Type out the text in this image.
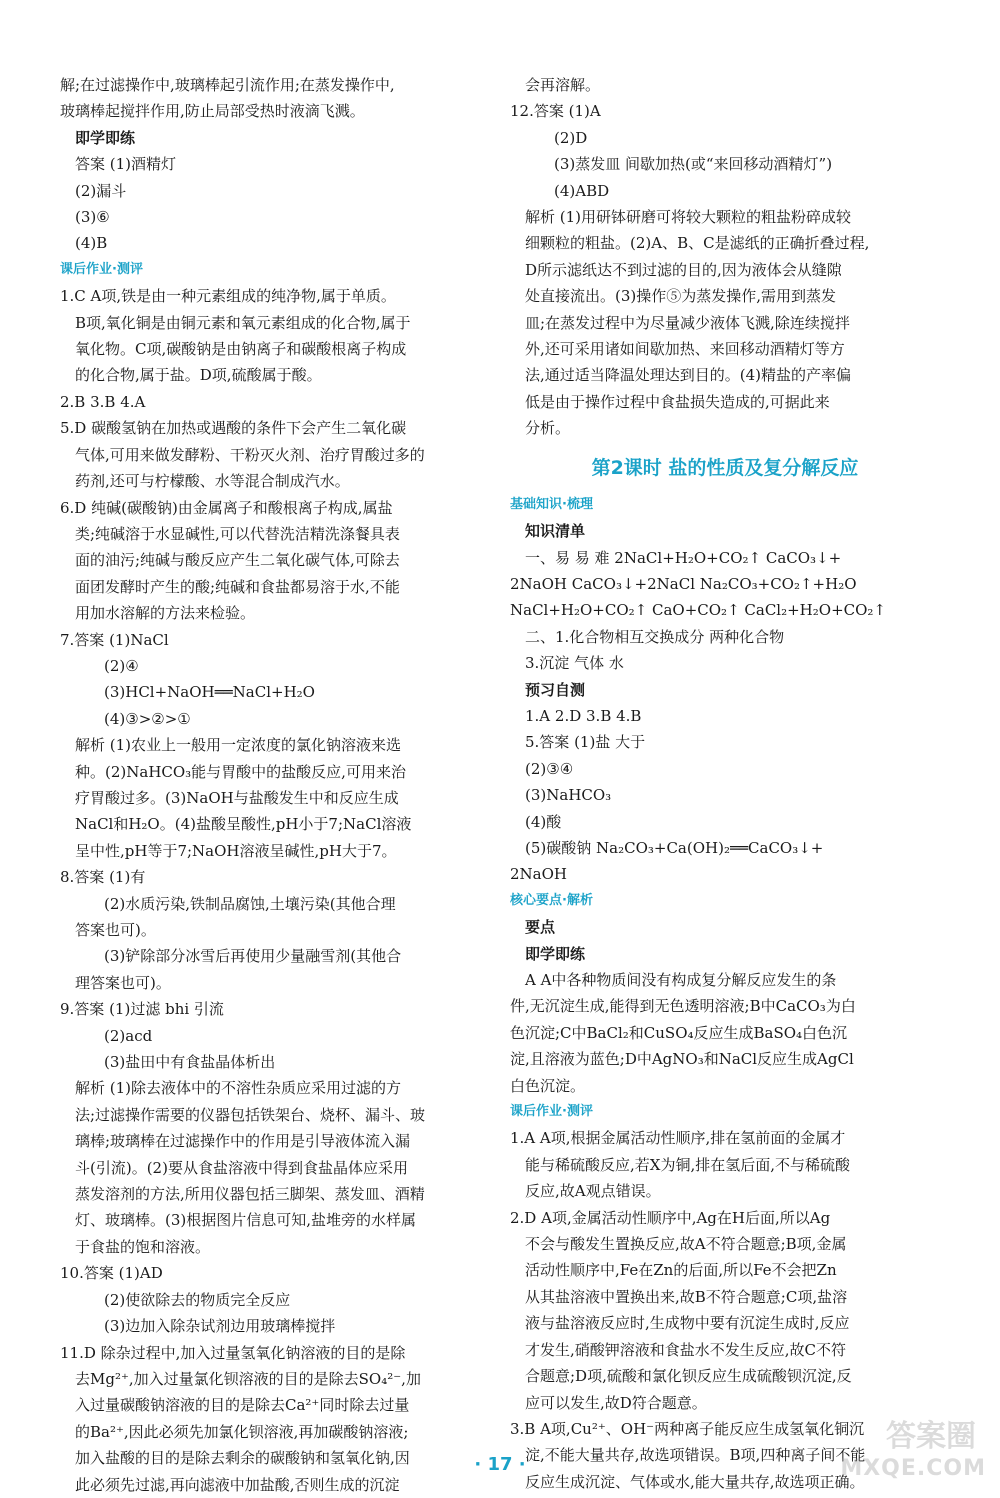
解;在过滤操作中,玻璃棒起引流作用;在蒸发操作中,
玻璃棒起搅拌作用,防止局部受热时液滴飞溅。
即学即练
答案 (1)酒精灯
(2)漏斗
(3)⑥
(4)B
课后作业·测评
1.C A项,铁是由一种元素组成的纯净物,属于单质。
B项,氧化铜是由铜元素和氧元素组成的化合物,属于
氧化物。C项,碳酸钠是由钠离子和碳酸根离子构成
的化合物,属于盐。D项,硫酸属于酸。
2.B 3.B 4.A
5.D 碳酸氢钠在加热或遇酸的条件下会产生二氧化碳
气体,可用来做发酵粉、干粉灭火剂、治疗胃酸过多的
药剂,还可与柠檬酸、水等混合制成汽水。
6.D 纯碱(碳酸钠)由金属离子和酸根离子构成,属盐
类;纯碱溶于水显碱性,可以代替洗洁精洗涤餐具表
面的油污;纯碱与酸反应产生二氧化碳气体,可除去
面团发酵时产生的酸;纯碱和食盐都易溶于水,不能
用加水溶解的方法来检验。
7.答案 (1)NaCl
(2)④
(3)HCl+NaOH══NaCl+H₂O
(4)③>②>①
解析 (1)农业上一般用一定浓度的氯化钠溶液来选
种。(2)NaHCO₃能与胃酸中的盐酸反应,可用来治
疗胃酸过多。(3)NaOH与盐酸发生中和反应生成
NaCl和H₂O。(4)盐酸呈酸性,pH小于7;NaCl溶液
呈中性,pH等于7;NaOH溶液呈碱性,pH大于7。
8.答案 (1)有
(2)水质污染,铁制品腐蚀,土壤污染(其他合理
答案也可)。
(3)铲除部分冰雪后再使用少量融雪剂(其他合
理答案也可)。
9.答案 (1)过滤 bhi 引流
(2)acd
(3)盐田中有食盐晶体析出
解析 (1)除去液体中的不溶性杂质应采用过滤的方
法;过滤操作需要的仪器包括铁架台、烧杯、漏斗、玻
璃棒;玻璃棒在过滤操作中的作用是引导液体流入漏
斗(引流)。(2)要从食盐溶液中得到食盐晶体应采用
蒸发溶剂的方法,所用仪器包括三脚架、蒸发皿、酒精
灯、玻璃棒。(3)根据图片信息可知,盐堆旁的水样属
于食盐的饱和溶液。
10.答案 (1)AD
(2)使欲除去的物质完全反应
(3)边加入除杂试剂边用玻璃棒搅拌
11.D 除杂过程中,加入过量氢氧化钠溶液的目的是除
去Mg²⁺,加入过量氯化钡溶液的目的是除去SO₄²⁻,加
入过量碳酸钠溶液的目的是除去Ca²⁺同时除去过量
的Ba²⁺,因此必须先加氯化钡溶液,再加碳酸钠溶液;
加入盐酸的目的是除去剩余的碳酸钠和氢氧化钠,因
此必须先过滤,再向滤液中加盐酸,否则生成的沉淀
会再溶解。
12.答案 (1)A
(2)D
(3)蒸发皿 间歇加热(或“来回移动酒精灯”)
(4)ABD
解析 (1)用研钵研磨可将较大颗粒的粗盐粉碎成较
细颗粒的粗盐。(2)A、B、C是滤纸的正确折叠过程,
D所示滤纸达不到过滤的目的,因为液体会从缝隙
处直接流出。(3)操作⑤为蒸发操作,需用到蒸发
皿;在蒸发过程中为尽量减少液体飞溅,除连续搅拌
外,还可采用诸如间歇加热、来回移动酒精灯等方
法,通过适当降温处理达到目的。(4)精盐的产率偏
低是由于操作过程中食盐损失造成的,可据此来
分析。
第2课时 盐的性质及复分解反应
基础知识·梳理
知识清单
一、易 易 难 2NaCl+H₂O+CO₂↑ CaCO₃↓+
2NaOH CaCO₃↓+2NaCl Na₂CO₃+CO₂↑+H₂O
NaCl+H₂O+CO₂↑ CaO+CO₂↑ CaCl₂+H₂O+CO₂↑
二、1.化合物相互交换成分 两种化合物
3.沉淀 气体 水
预习自测
1.A 2.D 3.B 4.B
5.答案 (1)盐 大于
(2)③④
(3)NaHCO₃
(4)酸
(5)碳酸钠 Na₂CO₃+Ca(OH)₂══CaCO₃↓+
2NaOH
核心要点·解析
要点
即学即练
A A中各种物质间没有构成复分解反应发生的条
件,无沉淀生成,能得到无色透明溶液;B中CaCO₃为白
色沉淀;C中BaCl₂和CuSO₄反应生成BaSO₄白色沉
淀,且溶液为蓝色;D中AgNO₃和NaCl反应生成AgCl
白色沉淀。
课后作业·测评
1.A A项,根据金属活动性顺序,排在氢前面的金属才
能与稀硫酸反应,若X为铜,排在氢后面,不与稀硫酸
反应,故A观点错误。
2.D A项,金属活动性顺序中,Ag在H后面,所以Ag
不会与酸发生置换反应,故A不符合题意;B项,金属
活动性顺序中,Fe在Zn的后面,所以Fe不会把Zn
从其盐溶液中置换出来,故B不符合题意;C项,盐溶
液与盐溶液反应时,生成物中要有沉淀生成时,反应
才发生,硝酸钾溶液和食盐水不发生反应,故C不符
合题意;D项,硫酸和氯化钡反应生成硫酸钡沉淀,反
应可以发生,故D符合题意。
3.B A项,Cu²⁺、OH⁻两种离子能反应生成氢氧化铜沉
淀,不能大量共存,故选项错误。B项,四种离子间不能
反应生成沉淀、气体或水,能大量共存,故选项正确。
· 17 ·
答案圈
MXQE.COM
